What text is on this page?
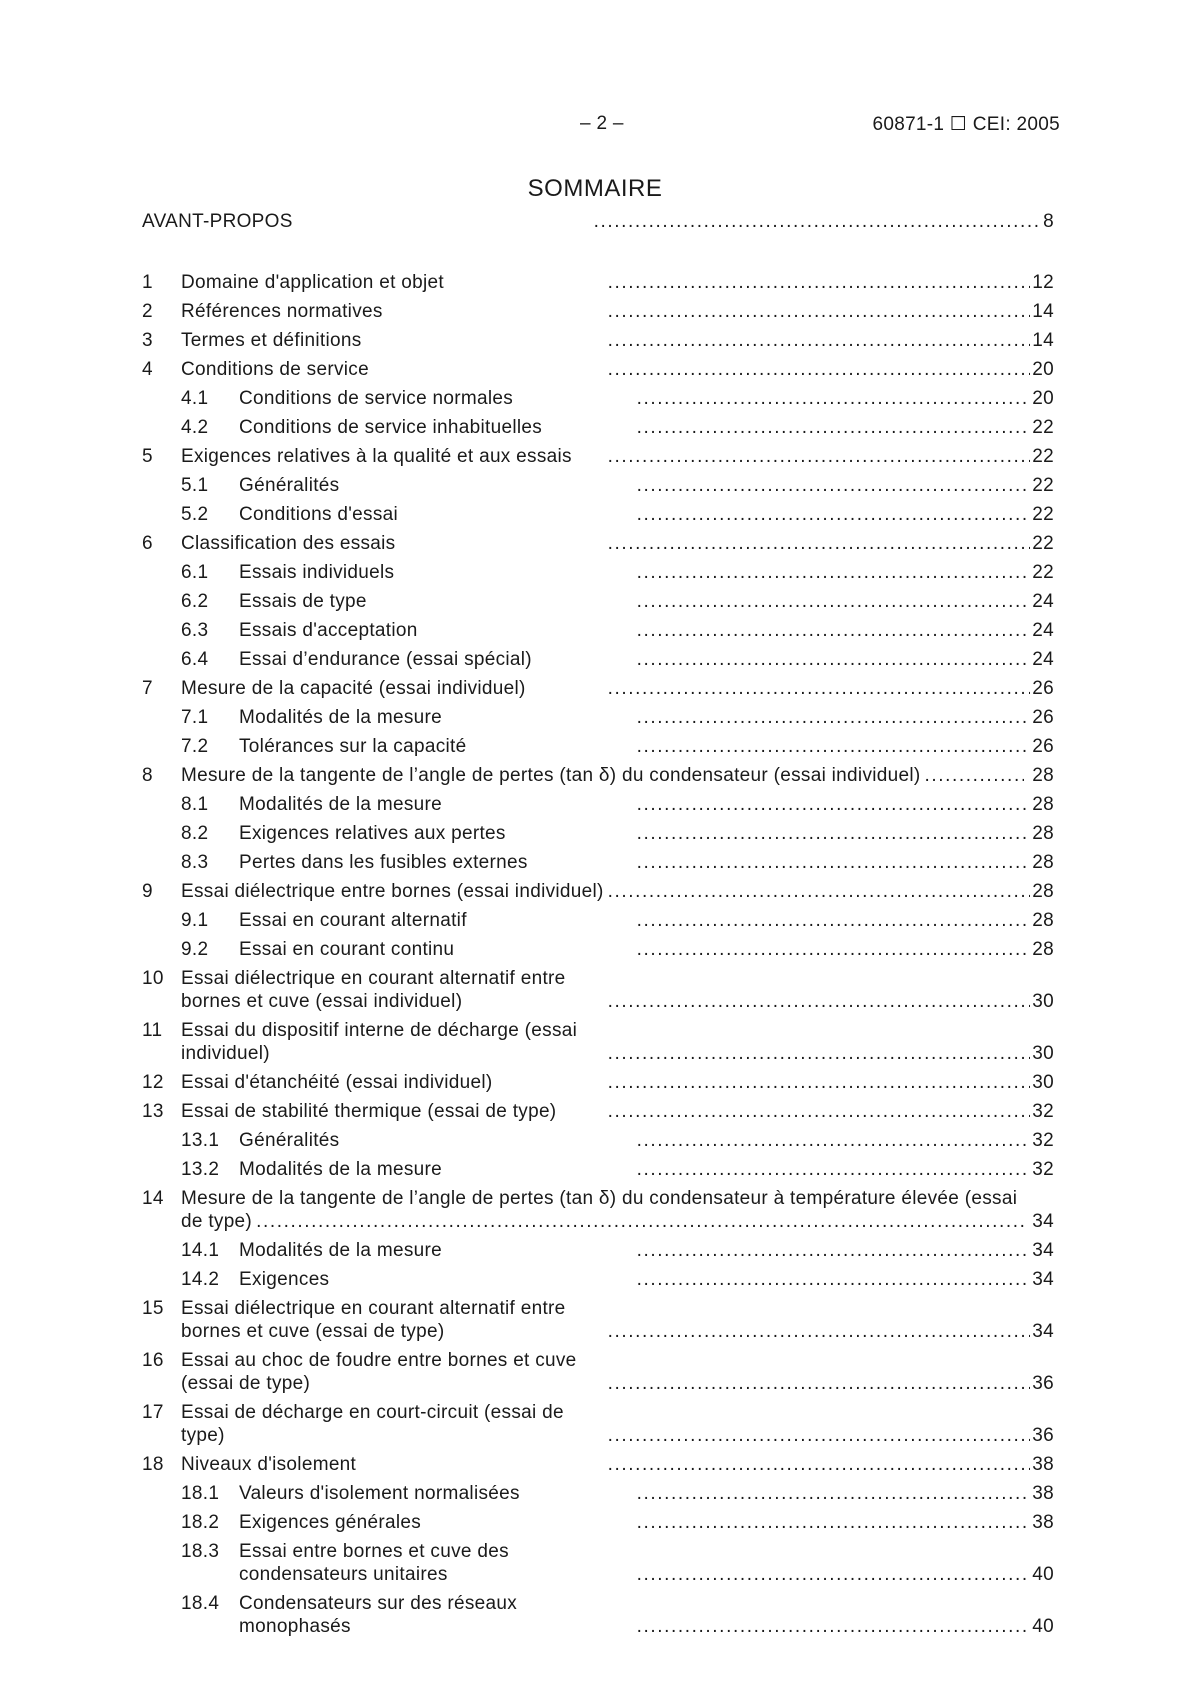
– 2 –	60871-1 ☐ CEI: 2005
SOMMAIRE
AVANT-PROPOS .....	8
1 Domaine d'application et objet .....	12
2 Références normatives .....	14
3 Termes et définitions .....	14
4 Conditions de service .....	20
4.1 Conditions de service normales .....	20
4.2 Conditions de service inhabituelles .....	22
5 Exigences relatives à la qualité et aux essais .....	22
5.1 Généralités .....	22
5.2 Conditions d'essai .....	22
6 Classification des essais .....	22
6.1 Essais individuels .....	22
6.2 Essais de type .....	24
6.3 Essais d'acceptation .....	24
6.4 Essai d’endurance (essai spécial) .....	24
7 Mesure de la capacité (essai individuel) .....	26
7.1 Modalités de la mesure .....	26
7.2 Tolérances sur la capacité .....	26
8 Mesure de la tangente de l’angle de pertes (tan δ) du condensateur (essai individuel) .....	28
8.1 Modalités de la mesure .....	28
8.2 Exigences relatives aux pertes .....	28
8.3 Pertes dans les fusibles externes .....	28
9 Essai diélectrique entre bornes (essai individuel) .....	28
9.1 Essai en courant alternatif .....	28
9.2 Essai en courant continu .....	28
10 Essai diélectrique en courant alternatif entre bornes et cuve (essai individuel) .....	30
11 Essai du dispositif interne de décharge (essai individuel) .....	30
12 Essai d'étanchéité (essai individuel) .....	30
13 Essai de stabilité thermique (essai de type) .....	32
13.1 Généralités .....	32
13.2 Modalités de la mesure .....	32
14 Mesure de la tangente de l’angle de pertes (tan δ) du condensateur à température élevée (essai de type) .....	34
14.1 Modalités de la mesure .....	34
14.2 Exigences .....	34
15 Essai diélectrique en courant alternatif entre bornes et cuve (essai de type) .....	34
16 Essai au choc de foudre entre bornes et cuve (essai de type) .....	36
17 Essai de décharge en court-circuit (essai de type) .....	36
18 Niveaux d'isolement .....	38
18.1 Valeurs d'isolement normalisées .....	38
18.2 Exigences générales .....	38
18.3 Essai entre bornes et cuve des condensateurs unitaires .....	40
18.4 Condensateurs sur des réseaux monophasés .....	40
